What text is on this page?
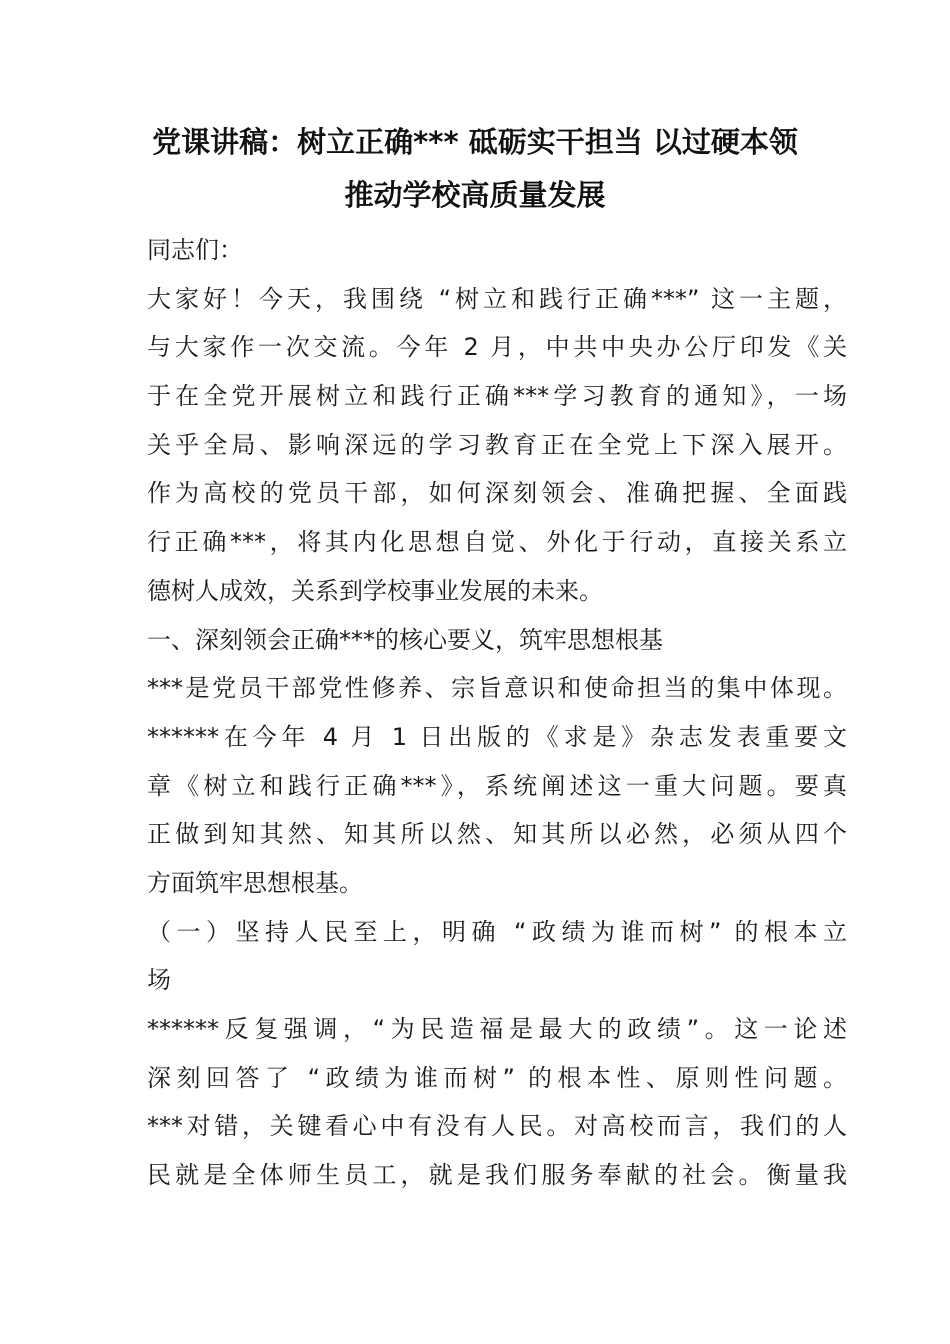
党课讲稿：树立正确*** 砥砺实干担当 以过硬本领
推动学校高质量发展
同志们：
大家好！今天，我围绕 “树立和践行正确***” 这一主题，
与大家作一次交流。今年 2 月，中共中央办公厅印发《关
于在全党开展树立和践行正确***学习教育的通知》，一场
关乎全局、影响深远的学习教育正在全党上下深入展开。
作为高校的党员干部，如何深刻领会、准确把握、全面践
行正确***，将其内化思想自觉、外化于行动，直接关系立
德树人成效，关系到学校事业发展的未来。
一、深刻领会正确***的核心要义，筑牢思想根基
***是党员干部党性修养、宗旨意识和使命担当的集中体现。
******在今年 4 月 1 日出版的《求是》杂志发表重要文
章《树立和践行正确***》，系统阐述这一重大问题。要真
正做到知其然、知其所以然、知其所以必然，必须从四个
方面筑牢思想根基。
（一）坚持人民至上，明确 “政绩为谁而树” 的根本立
场
******反复强调，“为民造福是最大的政绩”。这一论述
深刻回答了 “政绩为谁而树” 的根本性、原则性问题。
***对错，关键看心中有没有人民。对高校而言，我们的人
民就是全体师生员工，就是我们服务奉献的社会。衡量我
